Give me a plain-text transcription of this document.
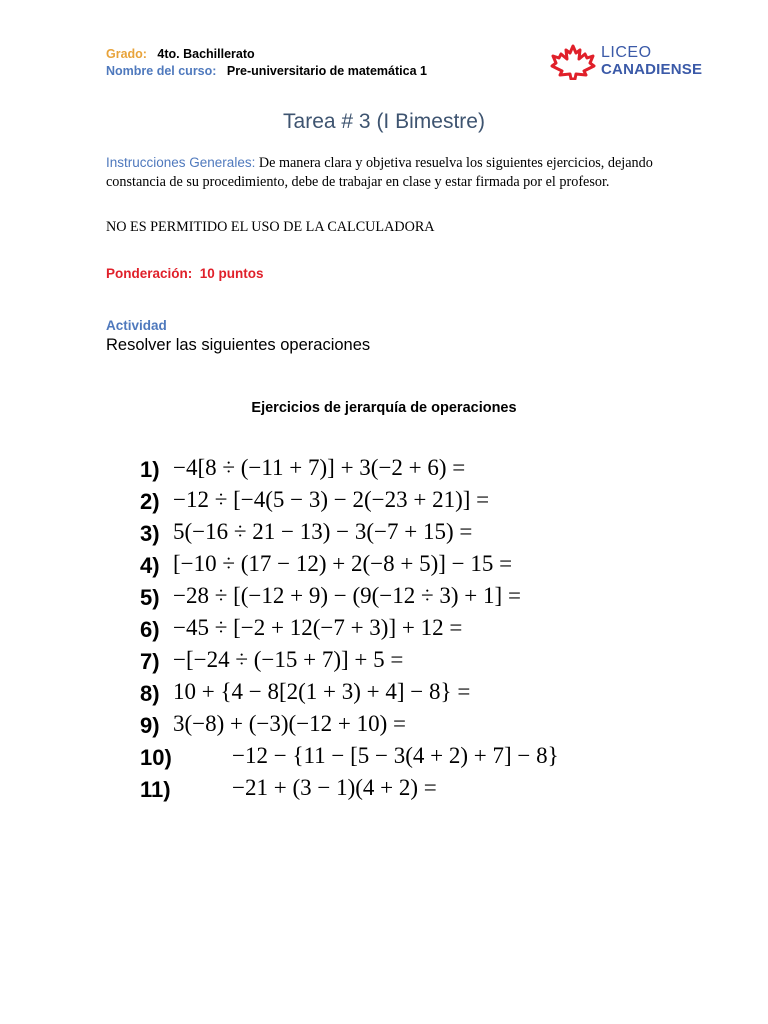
Grado: 4to. Bachillerato
Nombre del curso: Pre-universitario de matemática 1
LICEO
CANADIENSE
Tarea # 3 (I Bimestre)
Instrucciones Generales: De manera clara y objetiva resuelva los siguientes ejercicios, dejando constancia de su procedimiento, debe de trabajar en clase y estar firmada por el profesor.
NO ES PERMITIDO EL USO DE LA CALCULADORA
Ponderación: 10 puntos
Actividad
Resolver las siguientes operaciones
Ejercicios de jerarquía de operaciones
1) −4[8 ÷ (−11 + 7)] + 3(−2 + 6) =
2) −12 ÷ [−4(5 − 3) − 2(−23 + 21)] =
3) 5(−16 ÷ 21 − 13) − 3(−7 + 15) =
4) [−10 ÷ (17 − 12) + 2(−8 + 5)] − 15 =
5) −28 ÷ [(−12 + 9) − (9(−12 ÷ 3) + 1] =
6) −45 ÷ [−2 + 12(−7 + 3)] + 12 =
7) −[−24 ÷ (−15 + 7)] + 5 =
8) 10 + {4 − 8[2(1 + 3) + 4] − 8} =
9) 3(−8) + (−3)(−12 + 10) =
10)	−12 − {11 − [5 − 3(4 + 2) + 7] − 8}
11)	−21 + (3 − 1)(4 + 2) =
